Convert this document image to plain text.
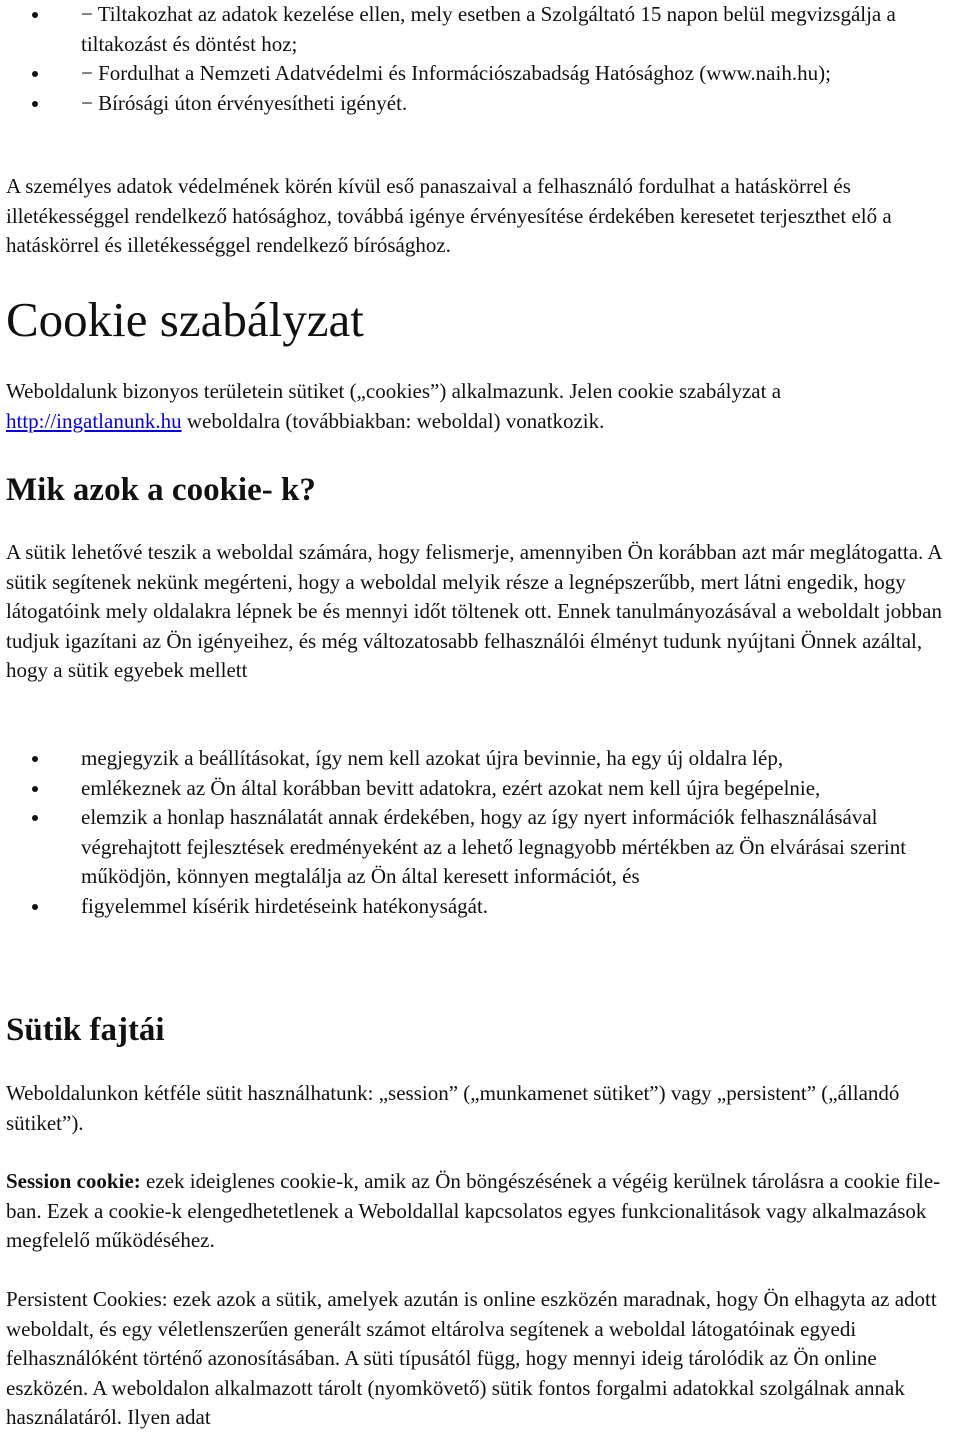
− Tiltakozhat az adatok kezelése ellen, mely esetben a Szolgáltató 15 napon belül megvizsgálja a tiltakozást és döntést hoz;
− Fordulhat a Nemzeti Adatvédelmi és Információszabadság Hatósághoz (www.naih.hu);
− Bírósági úton érvényesítheti igényét.

A személyes adatok védelmének körén kívül eső panaszaival a felhasználó fordulhat a hatáskörrel és illetékességgel rendelkező hatósághoz, továbbá igénye érvényesítése érdekében keresetet terjeszthet elő a hatáskörrel és illetékességgel rendelkező bírósághoz.

Cookie szabályzat

Weboldalunk bizonyos területein sütiket („cookies”) alkalmazunk. Jelen cookie szabályzat a http://ingatlanunk.hu weboldalra (továbbiakban: weboldal) vonatkozik.

Mik azok a cookie- k?

A sütik lehetővé teszik a weboldal számára, hogy felismerje, amennyiben Ön korábban azt már meglátogatta. A sütik segítenek nekünk megérteni, hogy a weboldal melyik része a legnépszerűbb, mert látni engedik, hogy látogatóink mely oldalakra lépnek be és mennyi időt töltenek ott. Ennek tanulmányozásával a weboldalt jobban tudjuk igazítani az Ön igényeihez, és még változatosabb felhasználói élményt tudunk nyújtani Önnek azáltal, hogy a sütik egyebek mellett

megjegyzik a beállításokat, így nem kell azokat újra bevinnie, ha egy új oldalra lép,
emlékeznek az Ön által korábban bevitt adatokra, ezért azokat nem kell újra begépelnie,
elemzik a honlap használatát annak érdekében, hogy az így nyert információk felhasználásával végrehajtott fejlesztések eredményeként az a lehető legnagyobb mértékben az Ön elvárásai szerint működjön, könnyen megtalálja az Ön által keresett információt, és
figyelemmel kísérik hirdetéseink hatékonyságát.
Sütik fajtái

Weboldalunkon kétféle sütit használhatunk: „session” („munkamenet sütiket”) vagy „persistent” („állandó sütiket”).

Session cookie: ezek ideiglenes cookie-k, amik az Ön böngészésének a végéig kerülnek tárolásra a cookie file-ban. Ezek a cookie-k elengedhetetlenek a Weboldallal kapcsolatos egyes funkcionalitások vagy alkalmazások megfelelő működéséhez.

Persistent Cookies: ezek azok a sütik, amelyek azután is online eszközén maradnak, hogy Ön elhagyta az adott weboldalt, és egy véletlenszerűen generált számot eltárolva segítenek a weboldal látogatóinak egyedi felhasználóként történő azonosításában. A süti típusától függ, hogy mennyi ideig tárolódik az Ön online eszközén. A weboldalon alkalmazott tárolt (nyomkövető) sütik fontos forgalmi adatokkal szolgálnak annak használatáról. Ilyen adat
